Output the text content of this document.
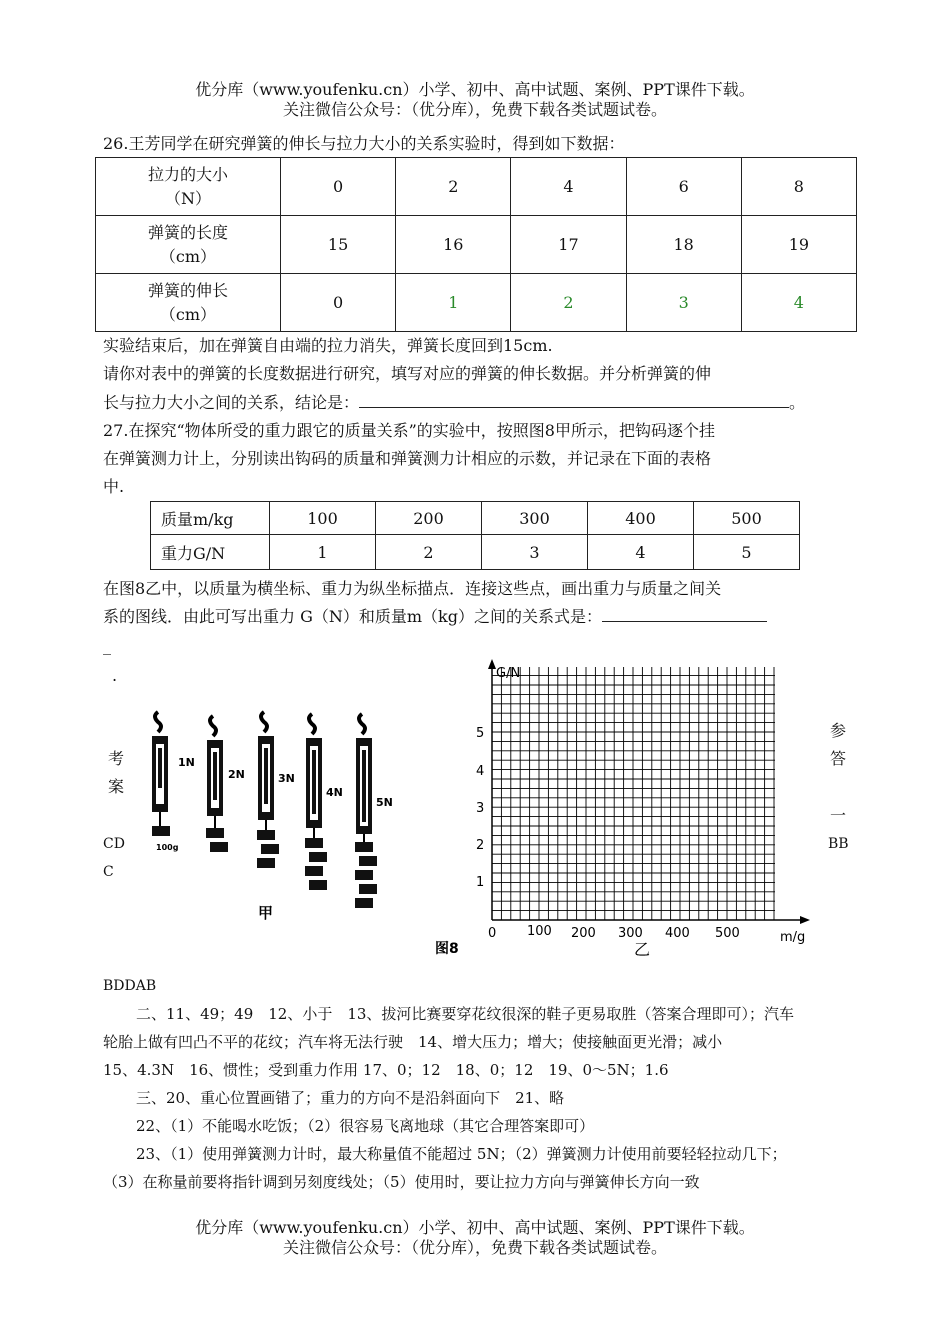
优分库（www.youfenku.cn）小学、初中、高中试题、案例、PPT课件下载。
关注微信公众号：（优分库），免费下载各类试题试卷。
26.王芳同学在研究弹簧的伸长与拉力大小的关系实验时，得到如下数据：
拉力的大小
（N）	0	2	4	6	8
弹簧的长度
（cm）	15	16	17	18	19
弹簧的伸长
（cm）	0	1	2	3	4
实验结束后，加在弹簧自由端的拉力消失，弹簧长度回到15cm.
请你对表中的弹簧的长度数据进行研究，填写对应的弹簧的伸长数据。并分析弹簧的伸
长与拉力大小之间的关系，结论是：	。
27.在探究“物体所受的重力跟它的质量关系”的实验中，按照图8甲所示，把钩码逐个挂
在弹簧测力计上，分别读出钩码的质量和弹簧测力计相应的示数，并记录在下面的表格
中.
质量m/kg	100	200	300	400	500
重力G/N	1	2	3	4	5
在图8乙中，以质量为横坐标、重力为纵坐标描点．连接这些点，画出重力与质量之间关
系的图线．由此可写出重力 G（N）和质量m（kg）之间的关系式是：
_
.
考
案
CD
C
参
答
一
BB
100g
1N
2N	3N
4N
5N
甲
G/N
m/g
5
4
3
2
1
0 100 200 300 400 500
图8	乙
BDDAB
二、11、49；49　12、小于　13、拔河比赛要穿花纹很深的鞋子更易取胜（答案合理即可）；汽车
轮胎上做有凹凸不平的花纹；汽车将无法行驶　14、增大压力；增大；使接触面更光滑；减小
15、4.3N　16、惯性；受到重力作用 17、0；12　18、0；12　19、0～5N；1.6
三、20、重心位置画错了；重力的方向不是沿斜面向下　21、略
22、（1）不能喝水吃饭；（2）很容易飞离地球（其它合理答案即可）
23、（1）使用弹簧测力计时，最大称量值不能超过 5N；（2）弹簧测力计使用前要轻轻拉动几下；
（3）在称量前要将指针调到另刻度线处；（5）使用时，要让拉力方向与弹簧伸长方向一致
优分库（www.youfenku.cn）小学、初中、高中试题、案例、PPT课件下载。
关注微信公众号：（优分库），免费下载各类试题试卷。
